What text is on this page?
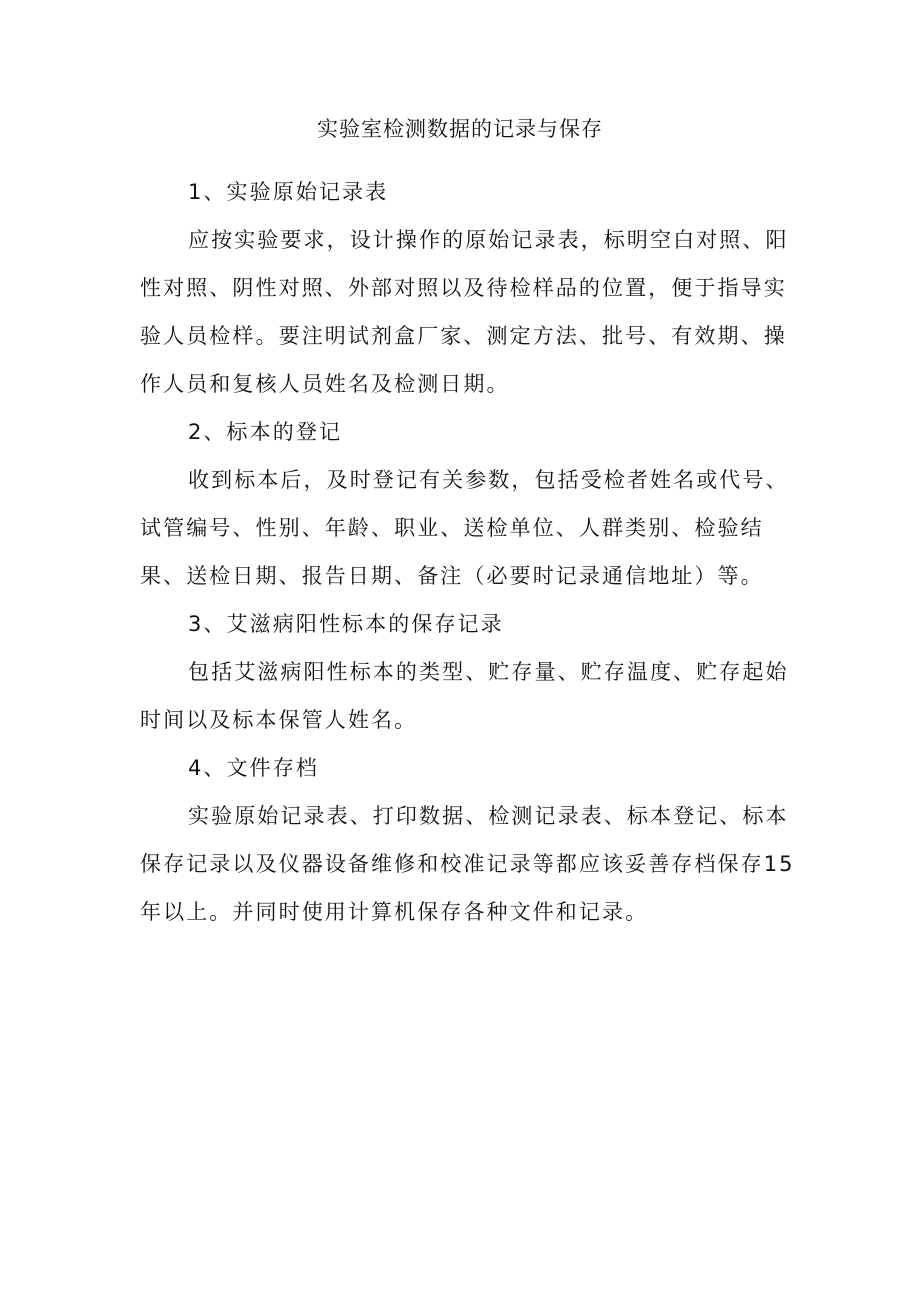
实验室检测数据的记录与保存
1、实验原始记录表

应按实验要求，设计操作的原始记录表，标明空白对照、阳性对照、阴性对照、外部对照以及待检样品的位置，便于指导实验人员检样。要注明试剂盒厂家、测定方法、批号、有效期、操作人员和复核人员姓名及检测日期。

2、标本的登记

收到标本后，及时登记有关参数，包括受检者姓名或代号、试管编号、性别、年龄、职业、送检单位、人群类别、检验结果、送检日期、报告日期、备注（必要时记录通信地址）等。

3、艾滋病阳性标本的保存记录

包括艾滋病阳性标本的类型、贮存量、贮存温度、贮存起始时间以及标本保管人姓名。

4、文件存档

实验原始记录表、打印数据、检测记录表、标本登记、标本保存记录以及仪器设备维修和校准记录等都应该妥善存档保存15年以上。并同时使用计算机保存各种文件和记录。
